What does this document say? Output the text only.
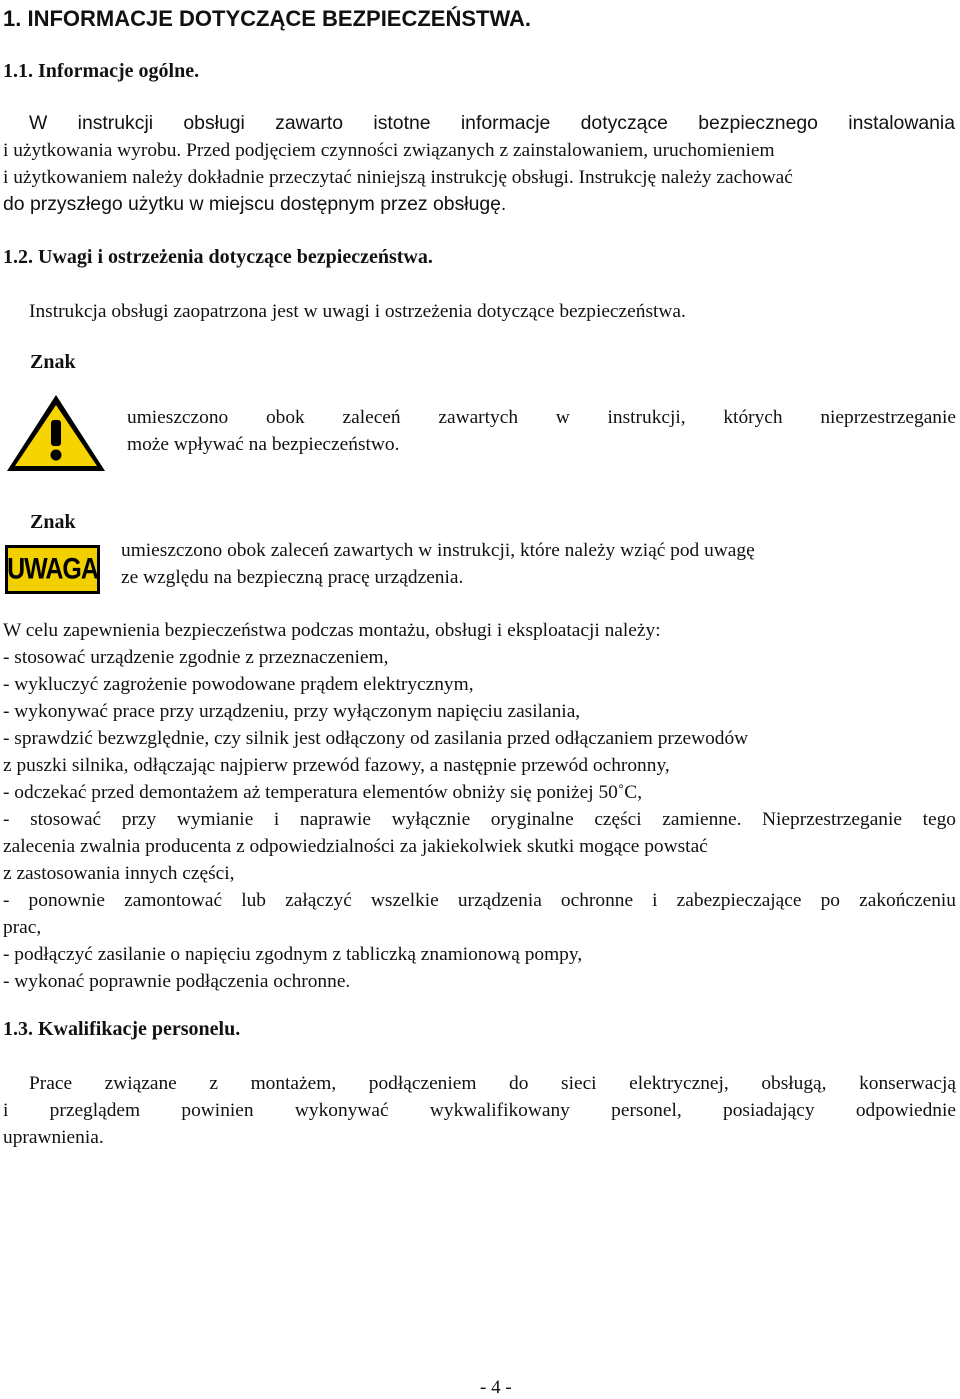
1. INFORMACJE DOTYCZĄCE BEZPIECZEŃSTWA.
1.1. Informacje ogólne.
W instrukcji obsługi zawarto istotne informacje dotyczące bezpiecznego instalowania
i użytkowania wyrobu. Przed podjęciem czynności związanych z zainstalowaniem, uruchomieniem
i użytkowaniem należy dokładnie przeczytać niniejszą instrukcję obsługi. Instrukcję należy zachować
do przyszłego użytku w miejscu dostępnym przez obsługę.
1.2. Uwagi i ostrzeżenia dotyczące bezpieczeństwa.
Instrukcja obsługi zaopatrzona jest w uwagi i ostrzeżenia dotyczące bezpieczeństwa.
Znak
umieszczono obok zaleceń zawartych w instrukcji, których nieprzestrzeganie
może wpływać na bezpieczeństwo.
Znak
UWAGA
umieszczono obok zaleceń zawartych w instrukcji, które należy wziąć pod uwagę
ze względu na bezpieczną pracę urządzenia.
W celu zapewnienia bezpieczeństwa podczas montażu, obsługi i eksploatacji należy:
- stosować urządzenie zgodnie z przeznaczeniem,
- wykluczyć zagrożenie powodowane prądem elektrycznym,
- wykonywać prace przy urządzeniu, przy wyłączonym napięciu zasilania,
- sprawdzić bezwzględnie, czy silnik jest odłączony od zasilania przed odłączaniem przewodów
z puszki silnika, odłączając najpierw przewód fazowy, a następnie przewód ochronny,
- odczekać przed demontażem aż temperatura elementów obniży się poniżej 50˚C,
- stosować przy wymianie i naprawie wyłącznie oryginalne części zamienne. Nieprzestrzeganie tego
zalecenia zwalnia producenta z odpowiedzialności za jakiekolwiek skutki mogące powstać
z zastosowania innych części,
- ponownie zamontować lub załączyć wszelkie urządzenia ochronne i zabezpieczające po zakończeniu
prac,
- podłączyć zasilanie o napięciu zgodnym z tabliczką znamionową pompy,
- wykonać poprawnie podłączenia ochronne.
1.3. Kwalifikacje personelu.
Prace związane z montażem, podłączeniem do sieci elektrycznej, obsługą, konserwacją
i przeglądem powinien wykonywać wykwalifikowany personel, posiadający odpowiednie
uprawnienia.
- 4 -
